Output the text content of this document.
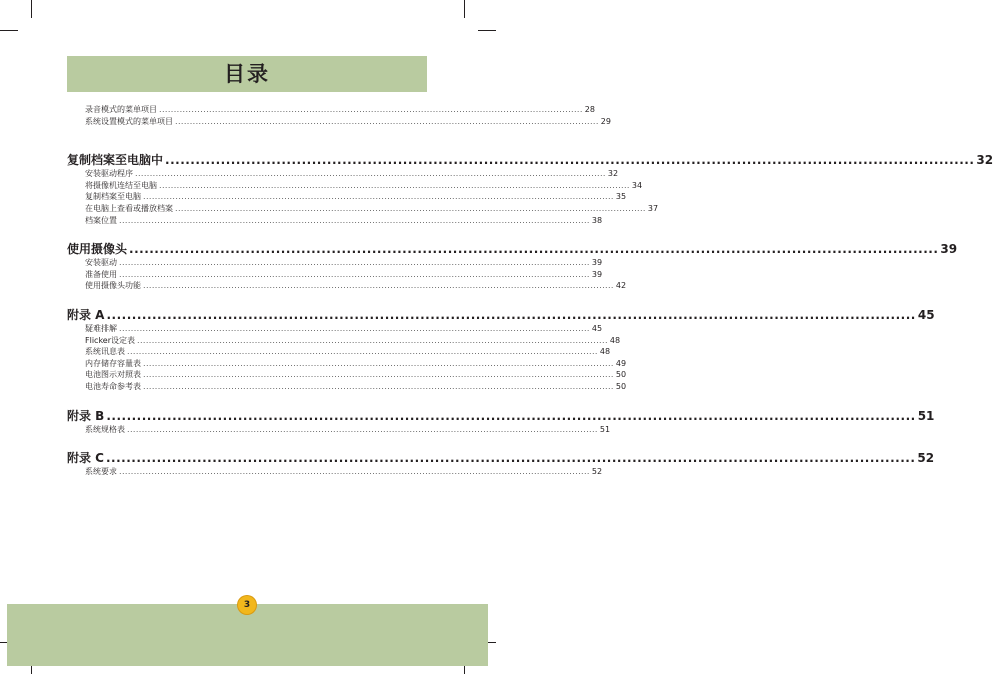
目录
录音模式的菜单项目 ................................................................................................................................................ 28
系统设置模式的菜单项目 ................................................................................................................................................ 29
复制档案至电脑中 ................................................................................................................................................................ 32
安装驱动程序 ................................................................................................................................................................ 32
将摄像机连结至电脑 ................................................................................................................................................................ 34
复制档案至电脑 ................................................................................................................................................................ 35
在电脑上查看或播放档案 ................................................................................................................................................................ 37
档案位置 ................................................................................................................................................................ 38
使用摄像头 ................................................................................................................................................................ 39
安装驱动 ................................................................................................................................................................ 39
准备使用 ................................................................................................................................................................ 39
使用摄像头功能 ................................................................................................................................................................ 42
附录 A ................................................................................................................................................................ 45
疑难排解 ................................................................................................................................................................ 45
Flicker设定表 ................................................................................................................................................................ 48
系统讯息表 ................................................................................................................................................................ 48
内存储存容量表 ................................................................................................................................................................ 49
电池图示对照表 ................................................................................................................................................................ 50
电池寿命参考表 ................................................................................................................................................................ 50
附录 B ................................................................................................................................................................ 51
系统规格表 ................................................................................................................................................................ 51
附录 C ................................................................................................................................................................ 52
系统要求 ................................................................................................................................................................ 52
3
